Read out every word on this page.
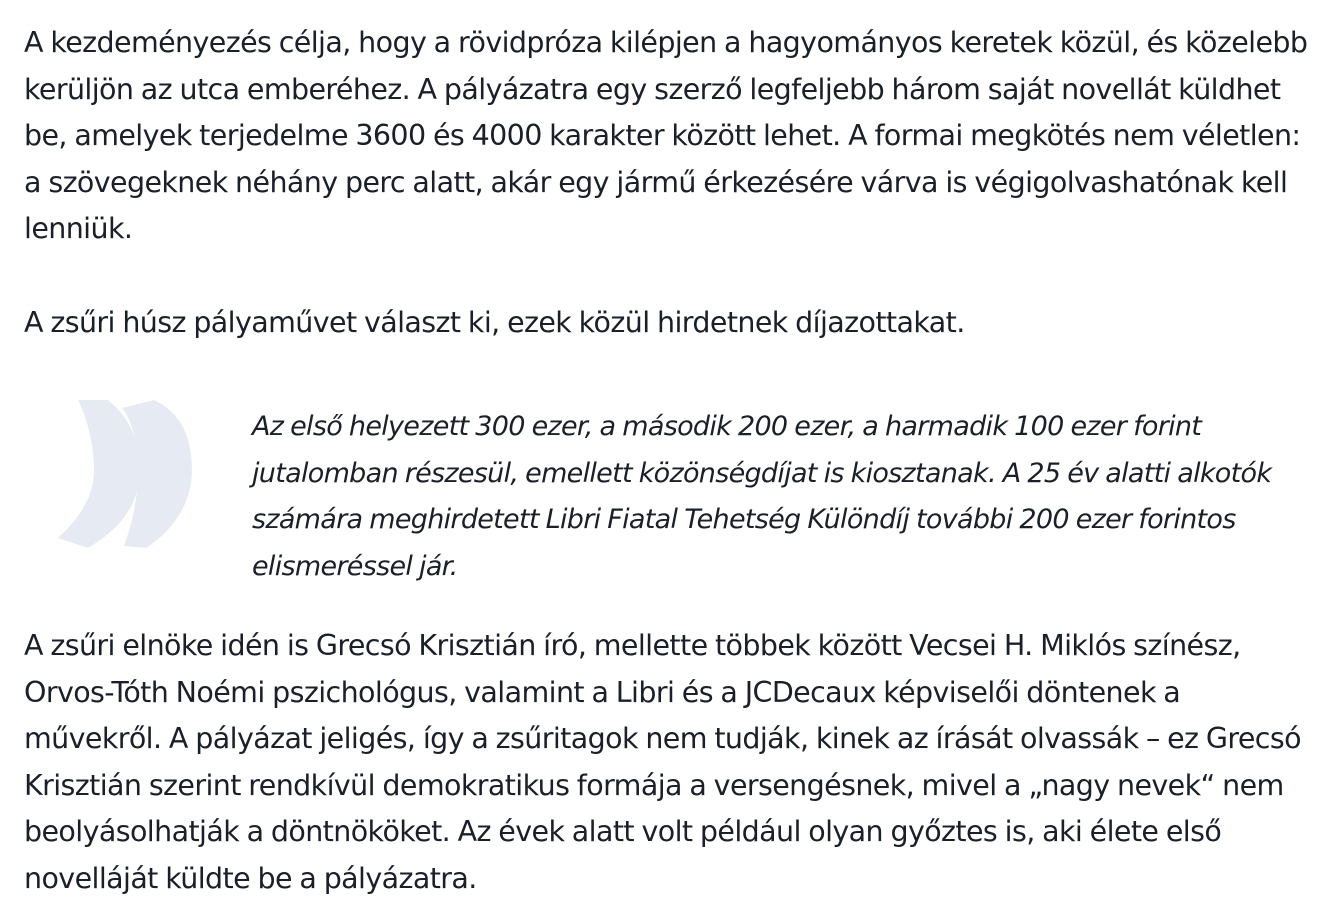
A kezdeményezés célja, hogy a rövidpróza kilépjen a hagyományos keretek közül, és közelebb kerüljön az utca emberéhez. A pályázatra egy szerző legfeljebb három saját novellát küldhet be, amelyek terjedelme 3600 és 4000 karakter között lehet. A formai megkötés nem véletlen: a szövegeknek néhány perc alatt, akár egy jármű érkezésére várva is végigolvashatónak kell lenniük.

A zsűri húsz pályaművet választ ki, ezek közül hirdetnek díjazottakat.

Az első helyezett 300 ezer, a második 200 ezer, a harmadik 100 ezer forint jutalomban részesül, emellett közönségdíjat is kiosztanak. A 25 év alatti alkotók számára meghirdetett Libri Fiatal Tehetség Különdíj további 200 ezer forintos elismeréssel jár.

A zsűri elnöke idén is Grecsó Krisztián író, mellette többek között Vecsei H. Miklós színész, Orvos-Tóth Noémi pszichológus, valamint a Libri és a JCDecaux képviselői döntenek a művekről. A pályázat jeligés, így a zsűritagok nem tudják, kinek az írását olvassák – ez Grecsó Krisztián szerint rendkívül demokratikus formája a versengésnek, mivel a „nagy nevek“ nem beolyásolhatják a döntnököket. Az évek alatt volt például olyan győztes is, aki élete első novelláját küldte be a pályázatra.
